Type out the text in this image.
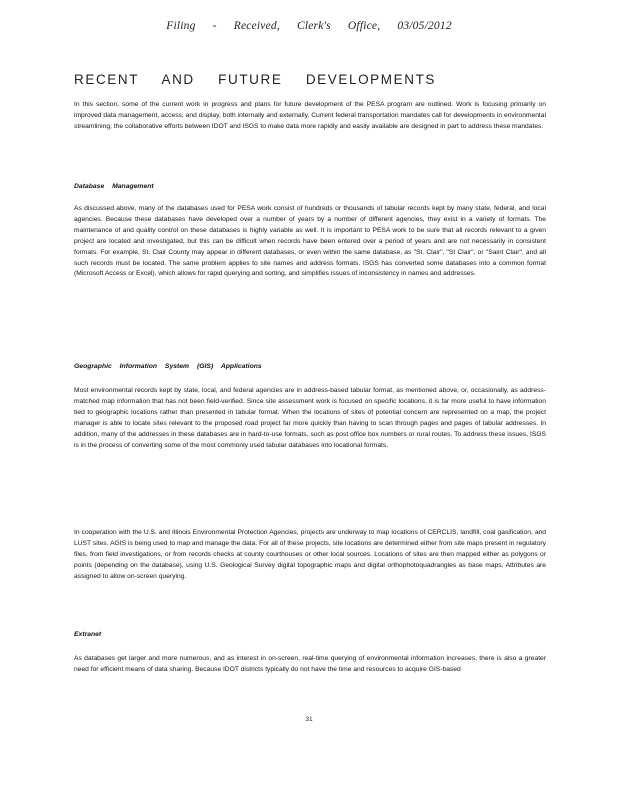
Filing - Received, Clerk's Office, 03/05/2012
RECENT AND FUTURE DEVELOPMENTS

In this section, some of the current work in progress and plans for future development of the PESA program are outlined. Work is focusing primarily on improved data management, access, and display, both internally and externally. Current federal transportation mandates call for developments in environmental streamlining; the collaborative efforts between IDOT and ISGS to make data more rapidly and easily available are designed in part to address these mandates.

Database Management

As discussed above, many of the databases used for PESA work consist of hundreds or thousands of tabular records kept by many state, federal, and local agencies. Because these databases have developed over a number of years by a number of different agencies, they exist in a variety of formats. The maintenance of and quality control on these databases is highly variable as well. It is important to PESA work to be sure that all records relevant to a given project are located and investigated, but this can be difficult when records have been entered over a period of years and are not necessarily in consistent formats. For example, St. Clair County may appear in different databases, or even within the same database, as "St. Clair", "St Clair", or "Saint Clair", and all such records must be located. The same problem applies to site names and address formats. ISGS has converted some databases into a common format (Microsoft Access or Excel), which allows for rapid querying and sorting, and simplifies issues of inconsistency in names and addresses.

Geographic Information System (GIS) Applications

Most environmental records kept by state, local, and federal agencies are in address-based tabular format, as mentioned above, or, occasionally, as address-matched map information that has not been field-verified. Since site assessment work is focused on specific locations, it is far more useful to have information tied to geographic locations rather than presented in tabular format. When the locations of sites of potential concern are represented on a map, the project manager is able to locate sites relevant to the proposed road project far more quickly than having to scan through pages and pages of tabular addresses. In addition, many of the addresses in these databases are in hard-to-use formats, such as post office box numbers or rural routes. To address these issues, ISGS is in the process of converting some of the most commonly used tabular databases into locational formats.

In cooperation with the U.S. and Illinois Environmental Protection Agencies, projects are underway to map locations of CERCLIS, landfill, coal gasification, and LUST sites. AGIS is being used to map and manage the data. For all of these projects, site locations are determined either from site maps present in regulatory files, from field investigations, or from records checks at county courthouses or other local sources. Locations of sites are then mapped either as polygons or points (depending on the database), using U.S. Geological Survey digital topographic maps and digital orthophotoquadrangles as base maps. Attributes are assigned to allow on-screen querying.

Extranet

As databases get larger and more numerous, and as interest in on-screen, real-time querying of environmental information increases, there is also a greater need for efficient means of data sharing. Because IDOT districts typically do not have the time and resources to acquire GIS-based

31
